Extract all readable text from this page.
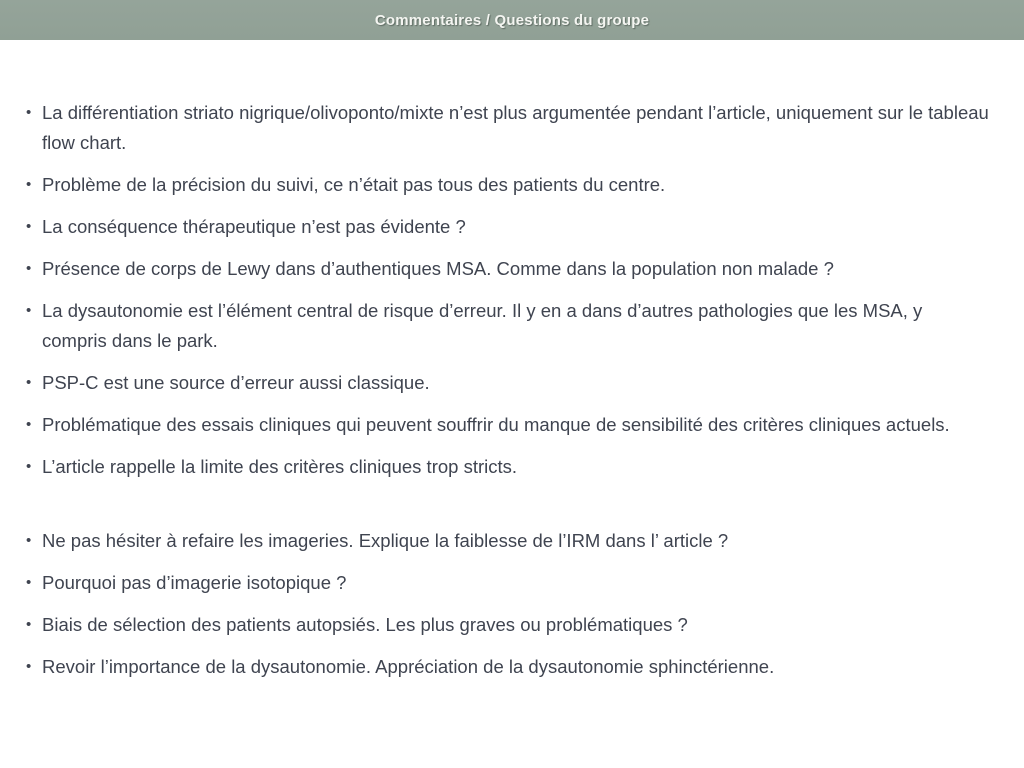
Commentaires / Questions du groupe
• La différentiation striato nigrique/olivoponto/mixte n’est plus argumentée pendant l’article, uniquement sur le tableau flow chart.
• Problème de la précision du suivi, ce n’était pas tous des patients du centre.
• La conséquence thérapeutique n’est pas évidente ?
• Présence de corps de Lewy dans d’authentiques MSA. Comme dans la population non malade ?
• La dysautonomie est l’élément central de risque d’erreur. Il y en a dans d’autres pathologies que les MSA, y compris dans le park.
• PSP-C est une source d’erreur aussi classique.
• Problématique des essais cliniques qui peuvent souffrir du manque de sensibilité des critères cliniques actuels.
• L’article rappelle la limite des critères cliniques trop stricts.
• Ne pas hésiter à refaire les imageries. Explique la faiblesse de l’IRM dans l’ article ?
• Pourquoi pas d’imagerie isotopique ?
• Biais de sélection des patients autopsiés. Les plus graves ou problématiques ?
• Revoir l’importance de la dysautonomie. Appréciation de la dysautonomie sphinctérienne.
